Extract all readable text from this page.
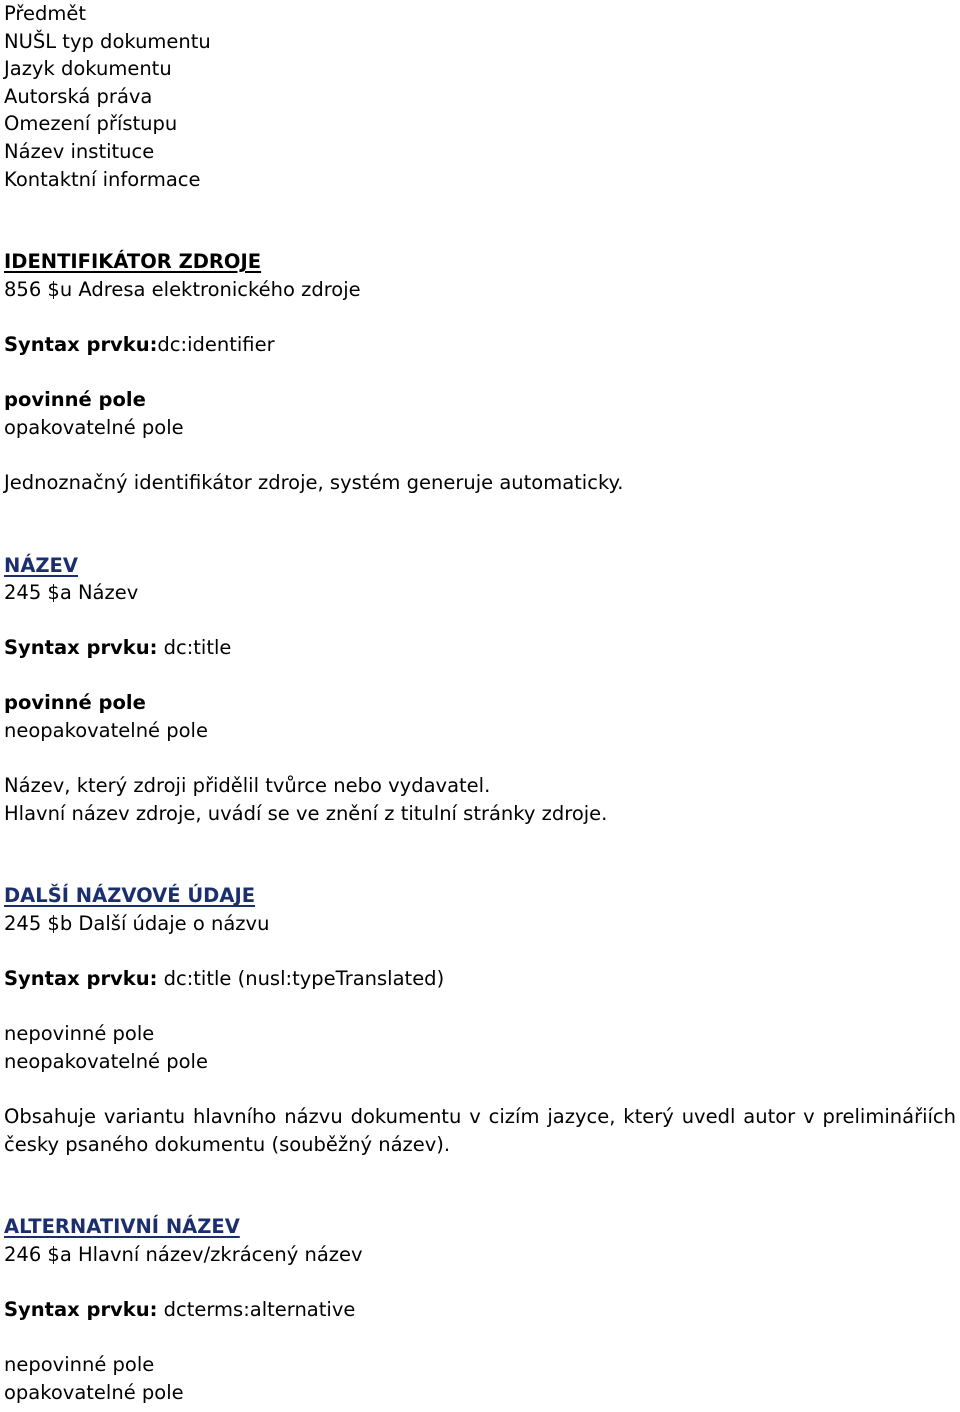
Předmět
NUŠL typ dokumentu
Jazyk dokumentu
Autorská práva
Omezení přístupu
Název instituce
Kontaktní informace
IDENTIFIKÁTOR ZDROJE
856 $u Adresa elektronického zdroje
Syntax prvku:dc:identifier
povinné pole
opakovatelné pole
Jednoznačný identifikátor zdroje, systém generuje automaticky.
NÁZEV
245 $a Název
Syntax prvku: dc:title
povinné pole
neopakovatelné pole
Název, který zdroji přidělil tvůrce nebo vydavatel.
Hlavní název zdroje, uvádí se ve znění z titulní stránky zdroje.
DALŠÍ NÁZVOVÉ ÚDAJE
245 $b Další údaje o názvu
Syntax prvku: dc:title (nusl:typeTranslated)
nepovinné pole
neopakovatelné pole
Obsahuje variantu hlavního názvu dokumentu v cizím jazyce, který uvedl autor v preliminářiích česky psaného dokumentu (souběžný název).
ALTERNATIVNÍ NÁZEV
246 $a Hlavní název/zkrácený název
Syntax prvku: dcterms:alternative
nepovinné pole
opakovatelné pole
